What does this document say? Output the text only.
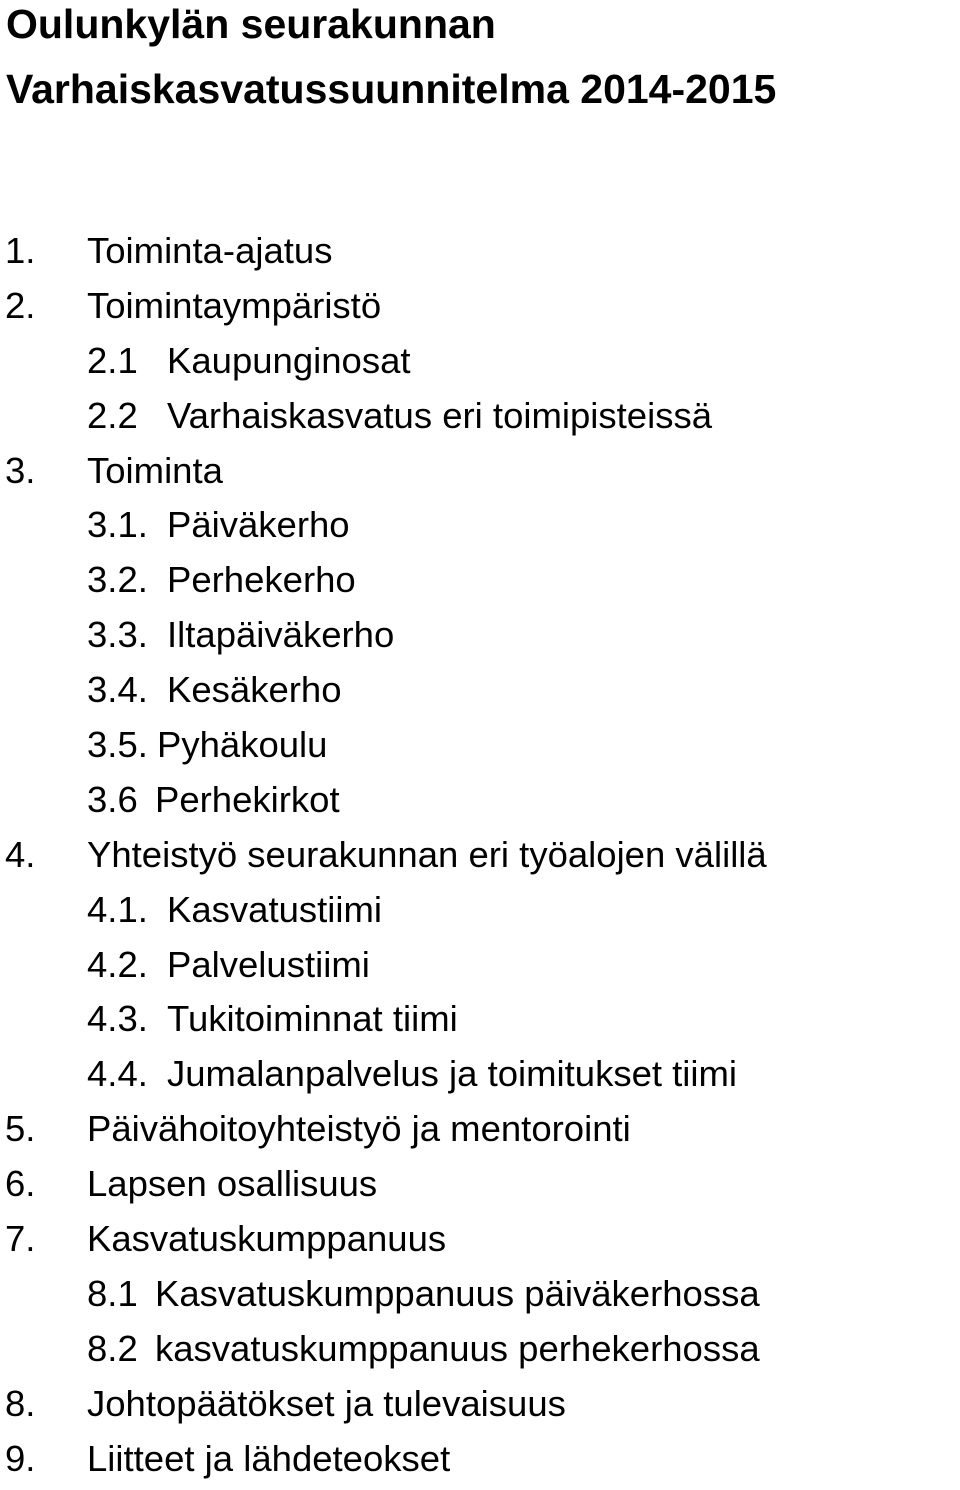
Oulunkylän seurakunnan
Varhaiskasvatussuunnitelma 2014-2015
1. Toiminta-ajatus
2. Toimintaympäristö
2.1 Kaupunginosat
2.2 Varhaiskasvatus eri toimipisteissä
3. Toiminta
3.1. Päiväkerho
3.2. Perhekerho
3.3. Iltapäiväkerho
3.4. Kesäkerho
3.5. Pyhäkoulu
3.6 Perhekirkot
4. Yhteistyö seurakunnan eri työalojen välillä
4.1. Kasvatustiimi
4.2. Palvelustiimi
4.3. Tukitoiminnat tiimi
4.4. Jumalanpalvelus ja toimitukset tiimi
5. Päivähoitoyhteistyö ja mentorointi
6. Lapsen osallisuus
7. Kasvatuskumppanuus
8.1 Kasvatuskumppanuus päiväkerhossa
8.2 kasvatuskumppanuus perhekerhossa
8. Johtopäätökset ja tulevaisuus
9. Liitteet ja lähdeteokset
